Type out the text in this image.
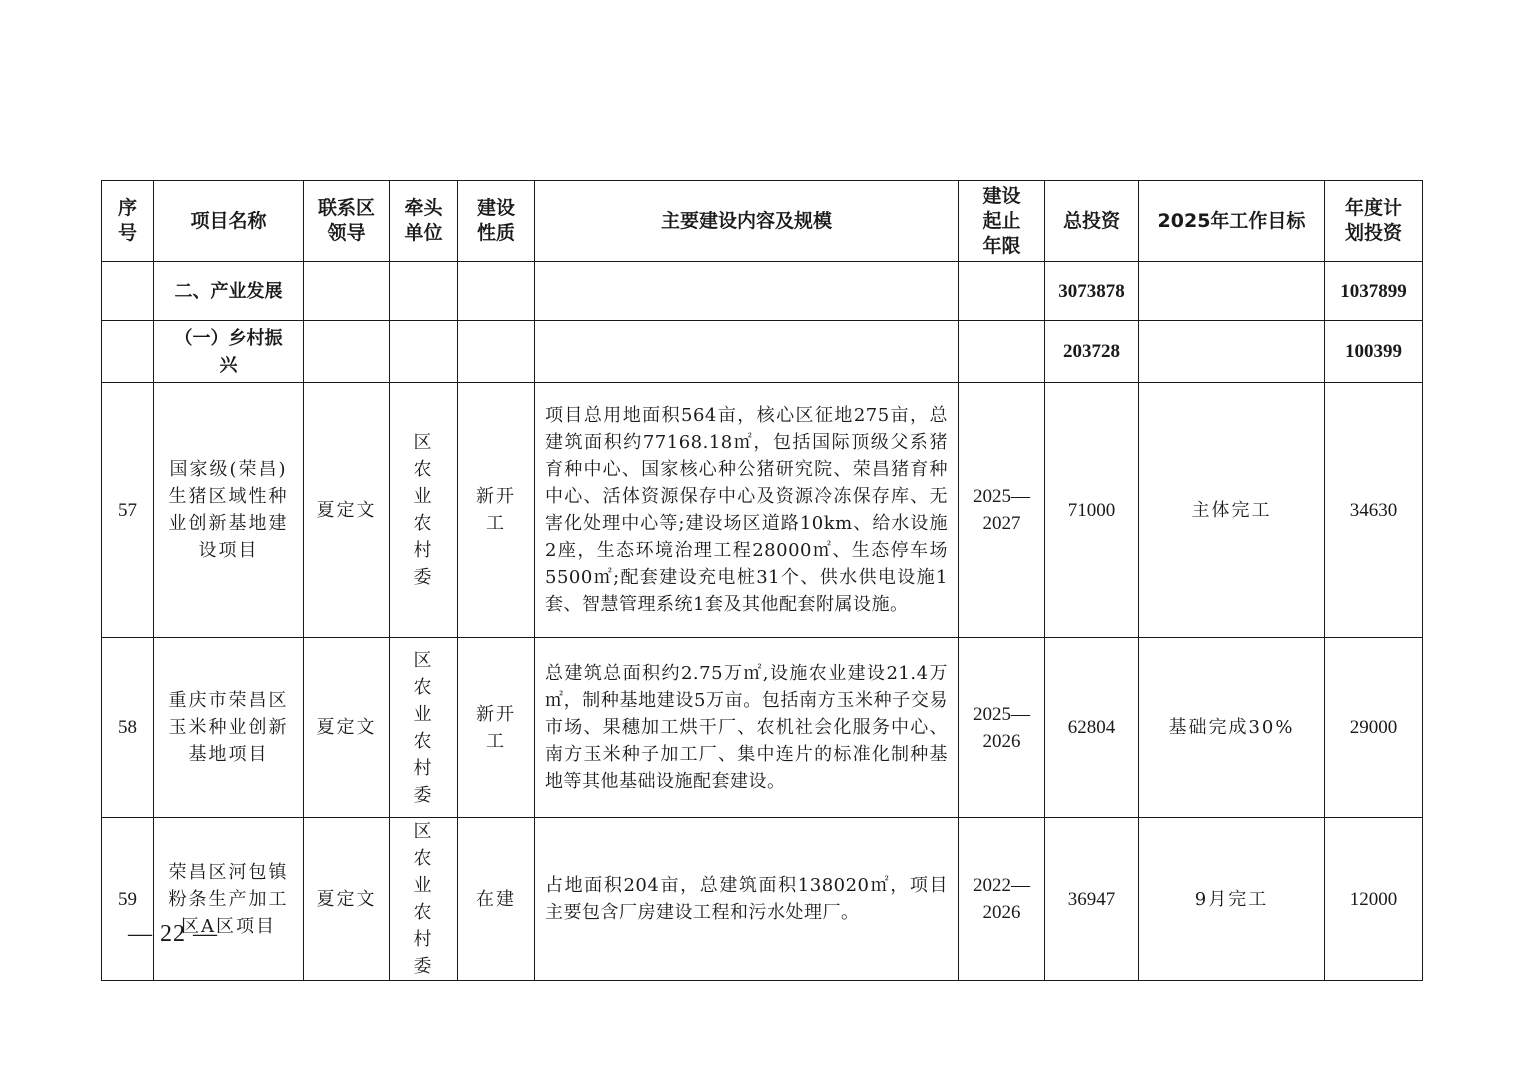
序号	项目名称	联系区领导	牵头单位	建设性质	主要建设内容及规模	建设起止年限	总投资	2025年工作目标	年度计划投资
	二、产业发展						3073878		1037899
	（一）乡村振兴						203728		100399
57	国家级(荣昌)生猪区域性种业创新基地建设项目	夏定文	区农业农村委	新开工	项目总用地面积564亩，核心区征地275亩，总建筑面积约77168.18㎡，包括国际顶级父系猪育种中心、国家核心种公猪研究院、荣昌猪育种中心、活体资源保存中心及资源冷冻保存库、无害化处理中心等;建设场区道路10km、给水设施2座，生态环境治理工程28000㎡、生态停车场5500㎡;配套建设充电桩31个、供水供电设施1套、智慧管理系统1套及其他配套附属设施。	2025—2027	71000	主体完工	34630
58	重庆市荣昌区玉米种业创新基地项目	夏定文	区农业农村委	新开工	总建筑总面积约2.75万㎡,设施农业建设21.4万㎡，制种基地建设5万亩。包括南方玉米种子交易市场、果穗加工烘干厂、农机社会化服务中心、南方玉米种子加工厂、集中连片的标准化制种基地等其他基础设施配套建设。	2025—2026	62804	基础完成30%	29000
59	荣昌区河包镇粉条生产加工区A区项目	夏定文	区农业农村委	在建	占地面积204亩，总建筑面积138020㎡，项目主要包含厂房建设工程和污水处理厂。	2022—2026	36947	9月完工	12000
— 22 —
